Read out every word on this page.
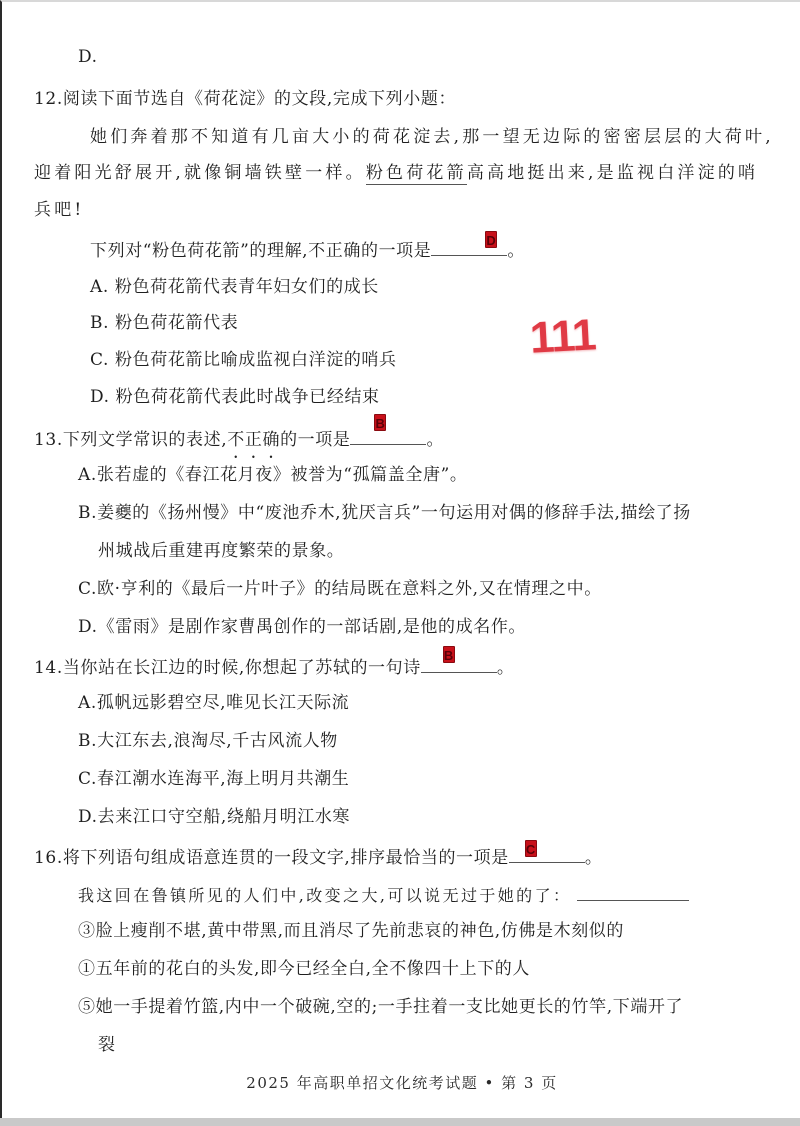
D.
12.阅读下面节选自《荷花淀》的文段,完成下列小题：
她们奔着那不知道有几亩大小的荷花淀去,那一望无边际的密密层层的大荷叶,
迎着阳光舒展开,就像铜墙铁壁一样。粉色荷花箭高高地挺出来,是监视白洋淀的哨
兵吧!
下列对“粉色荷花箭”的理解,不正确的一项是
D
。
A. 粉色荷花箭代表青年妇女们的成长
B. 粉色荷花箭代表
C. 粉色荷花箭比喻成监视白洋淀的哨兵
D. 粉色荷花箭代表此时战争已经结束
111
13.下列文学常识的表述,不正确的一项是
B
。
A.张若虚的《春江花月夜》被誉为“孤篇盖全唐”。
B.姜夔的《扬州慢》中“废池乔木,犹厌言兵”一句运用对偶的修辞手法,描绘了扬
州城战后重建再度繁荣的景象。
C.欧·亨利的《最后一片叶子》的结局既在意料之外,又在情理之中。
D.《雷雨》是剧作家曹禺创作的一部话剧,是他的成名作。
14.当你站在长江边的时候,你想起了苏轼的一句诗
B
。
A.孤帆远影碧空尽,唯见长江天际流
B.大江东去,浪淘尽,千古风流人物
C.春江潮水连海平,海上明月共潮生
D.去来江口守空船,绕船月明江水寒
16.将下列语句组成语意连贯的一段文字,排序最恰当的一项是 C	。
我这回在鲁镇所见的人们中,改变之大,可以说无过于她的了：
③脸上瘦削不堪,黄中带黑,而且消尽了先前悲哀的神色,仿佛是木刻似的
①五年前的花白的头发,即今已经全白,全不像四十上下的人
⑤她一手提着竹篮,内中一个破碗,空的;一手拄着一支比她更长的竹竿,下端开了
裂
2025 年高职单招文化统考试题 • 第 3 页
